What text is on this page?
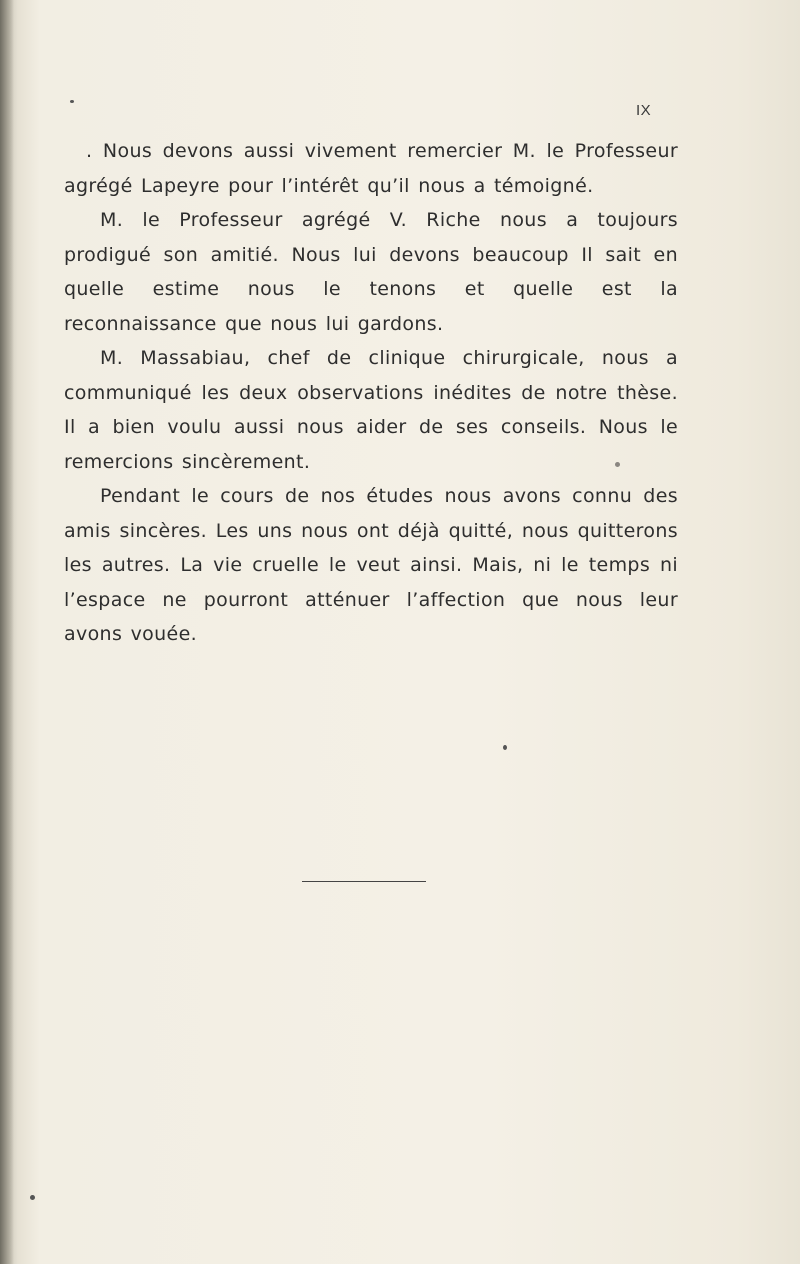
IX

. Nous devons aussi vivement remercier M. le Professeur agrégé Lapeyre pour l’intérêt qu’il nous a témoigné.

M. le Professeur agrégé V. Riche nous a toujours prodigué son amitié. Nous lui devons beaucoup Il sait en quelle estime nous le tenons et quelle est la reconnaissance que nous lui gardons.

M. Massabiau, chef de clinique chirurgicale, nous a communiqué les deux observations inédites de notre thèse. Il a bien voulu aussi nous aider de ses conseils. Nous le remercions sincèrement.

Pendant le cours de nos études nous avons connu des amis sincères. Les uns nous ont déjà quitté, nous quitterons les autres. La vie cruelle le veut ainsi. Mais, ni le temps ni l’espace ne pourront atténuer l’affection que nous leur avons vouée.
